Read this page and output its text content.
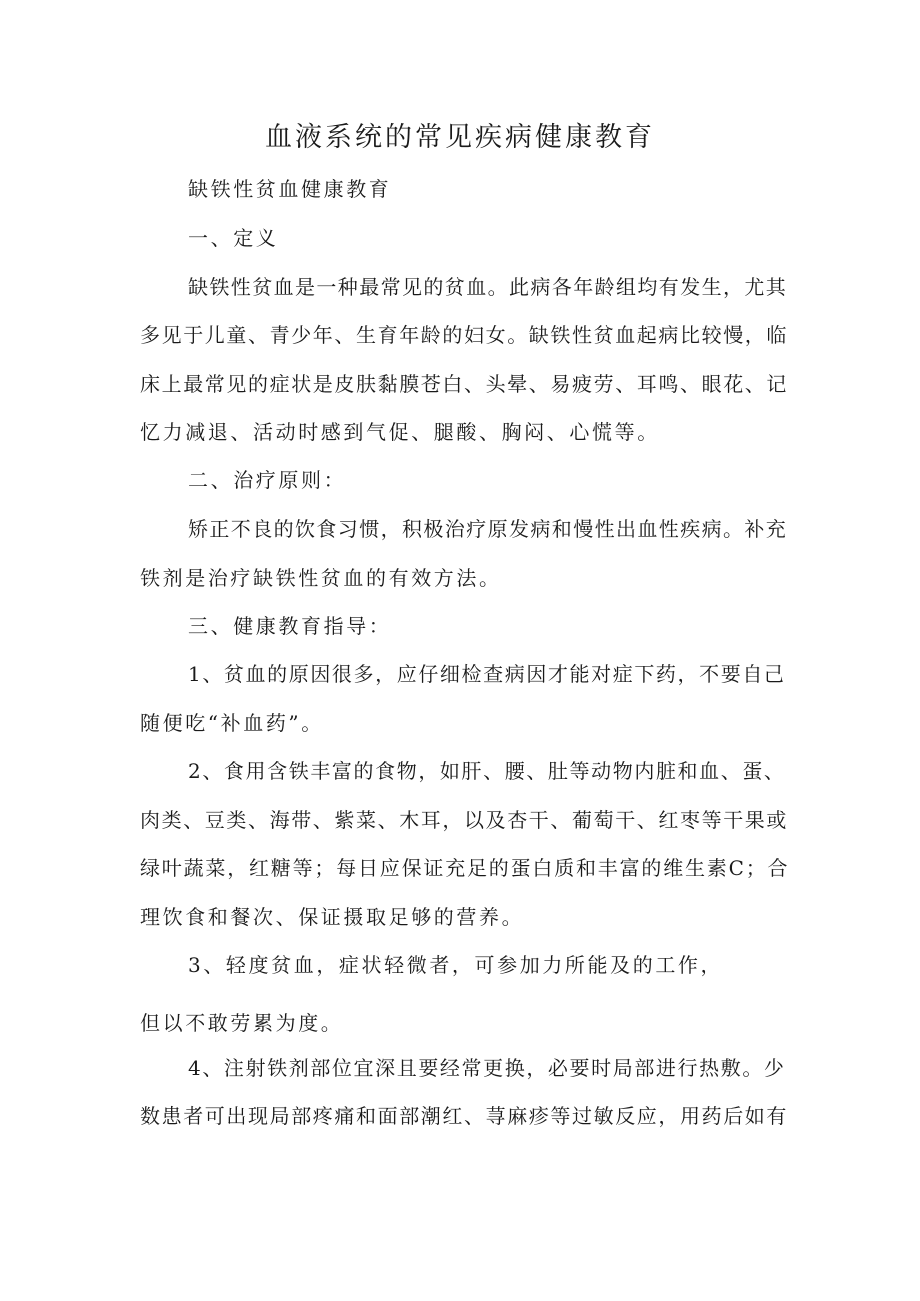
血液系统的常见疾病健康教育

缺铁性贫血健康教育

一、定义

缺铁性贫血是一种最常见的贫血。此病各年龄组均有发生，尤其

多见于儿童、青少年、生育年龄的妇女。缺铁性贫血起病比较慢，临

床上最常见的症状是皮肤黏膜苍白、头晕、易疲劳、耳鸣、眼花、记

忆力减退、活动时感到气促、腿酸、胸闷、心慌等。

二、治疗原则：

矫正不良的饮食习惯，积极治疗原发病和慢性出血性疾病。补充

铁剂是治疗缺铁性贫血的有效方法。

三、健康教育指导：

1、贫血的原因很多，应仔细检查病因才能对症下药，不要自己

随便吃“补血药”。

2、食用含铁丰富的食物，如肝、腰、肚等动物内脏和血、蛋、

肉类、豆类、海带、紫菜、木耳，以及杏干、葡萄干、红枣等干果或

绿叶蔬菜，红糖等；每日应保证充足的蛋白质和丰富的维生素C；合

理饮食和餐次、保证摄取足够的营养。

3、轻度贫血，症状轻微者，可参加力所能及的工作，

但以不敢劳累为度。

4、注射铁剂部位宜深且要经常更换，必要时局部进行热敷。少

数患者可出现局部疼痛和面部潮红、荨麻疹等过敏反应，用药后如有
